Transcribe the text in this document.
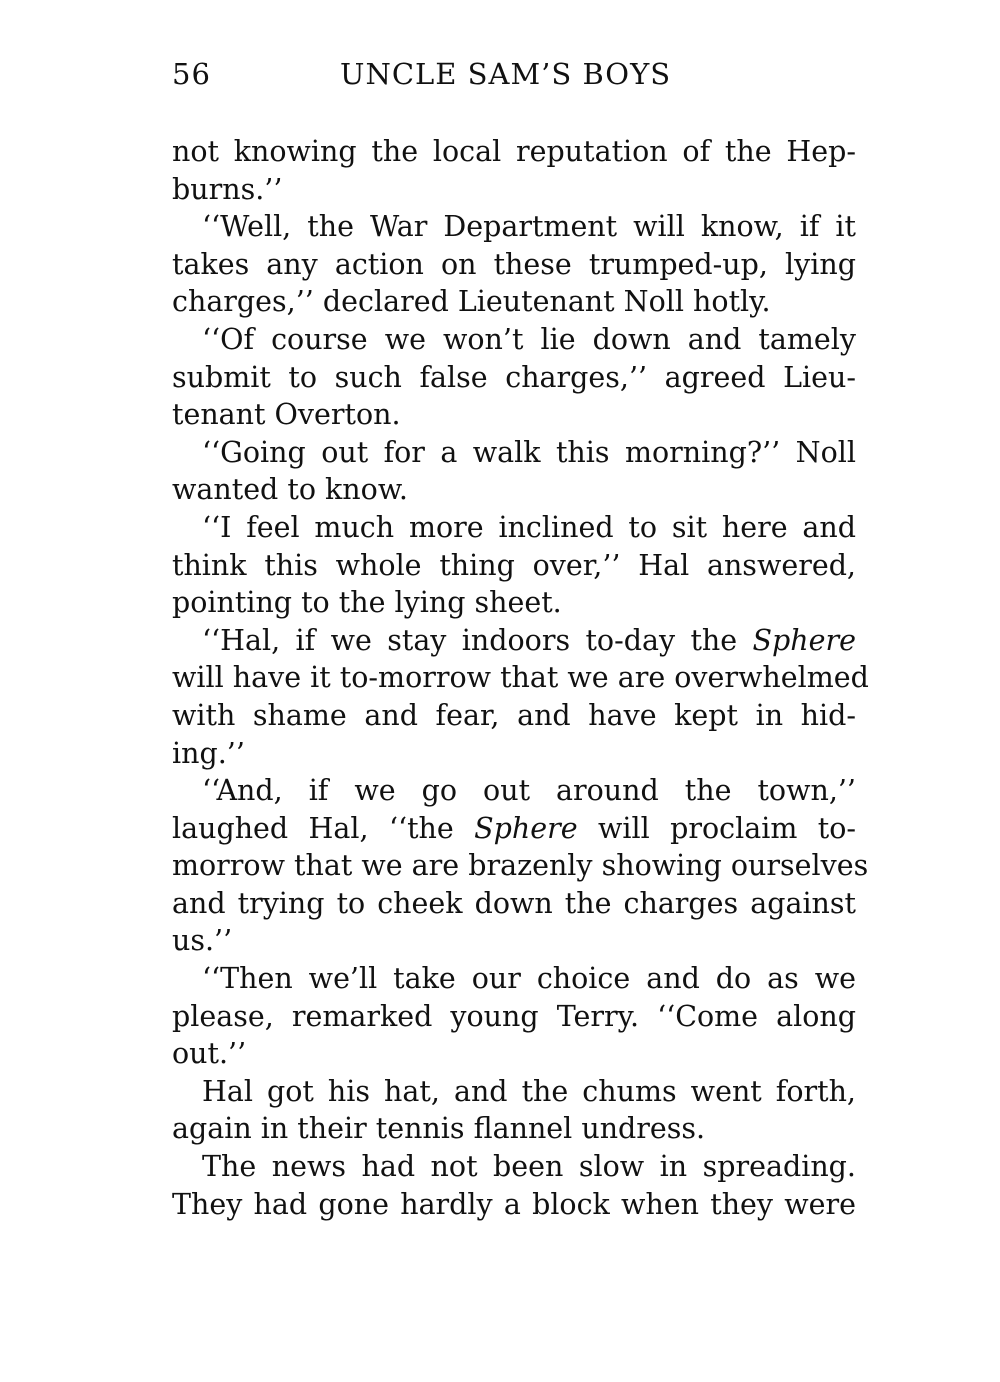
56	UNCLE SAM’S BOYS
not knowing the local reputation of the Hep-
burns.’’
‘‘Well, the War Department will know, if it
takes any action on these trumped-up, lying
charges,’’ declared Lieutenant Noll hotly.
‘‘Of course we won’t lie down and tamely
submit to such false charges,’’ agreed Lieu-
tenant Overton.
‘‘Going out for a walk this morning?’’ Noll
wanted to know.
‘‘I feel much more inclined to sit here and
think this whole thing over,’’ Hal answered,
pointing to the lying sheet.
‘‘Hal, if we stay indoors to-day the Sphere
will have it to-morrow that we are overwhelmed
with shame and fear, and have kept in hid-
ing.’’
‘‘And, if we go out around the town,’’
laughed Hal, ‘‘the Sphere will proclaim to-
morrow that we are brazenly showing ourselves
and trying to cheek down the charges against
us.’’
‘‘Then we’ll take our choice and do as we
please, remarked young Terry. ‘‘Come along
out.’’
Hal got his hat, and the chums went forth,
again in their tennis flannel undress.
The news had not been slow in spreading.
They had gone hardly a block when they were
